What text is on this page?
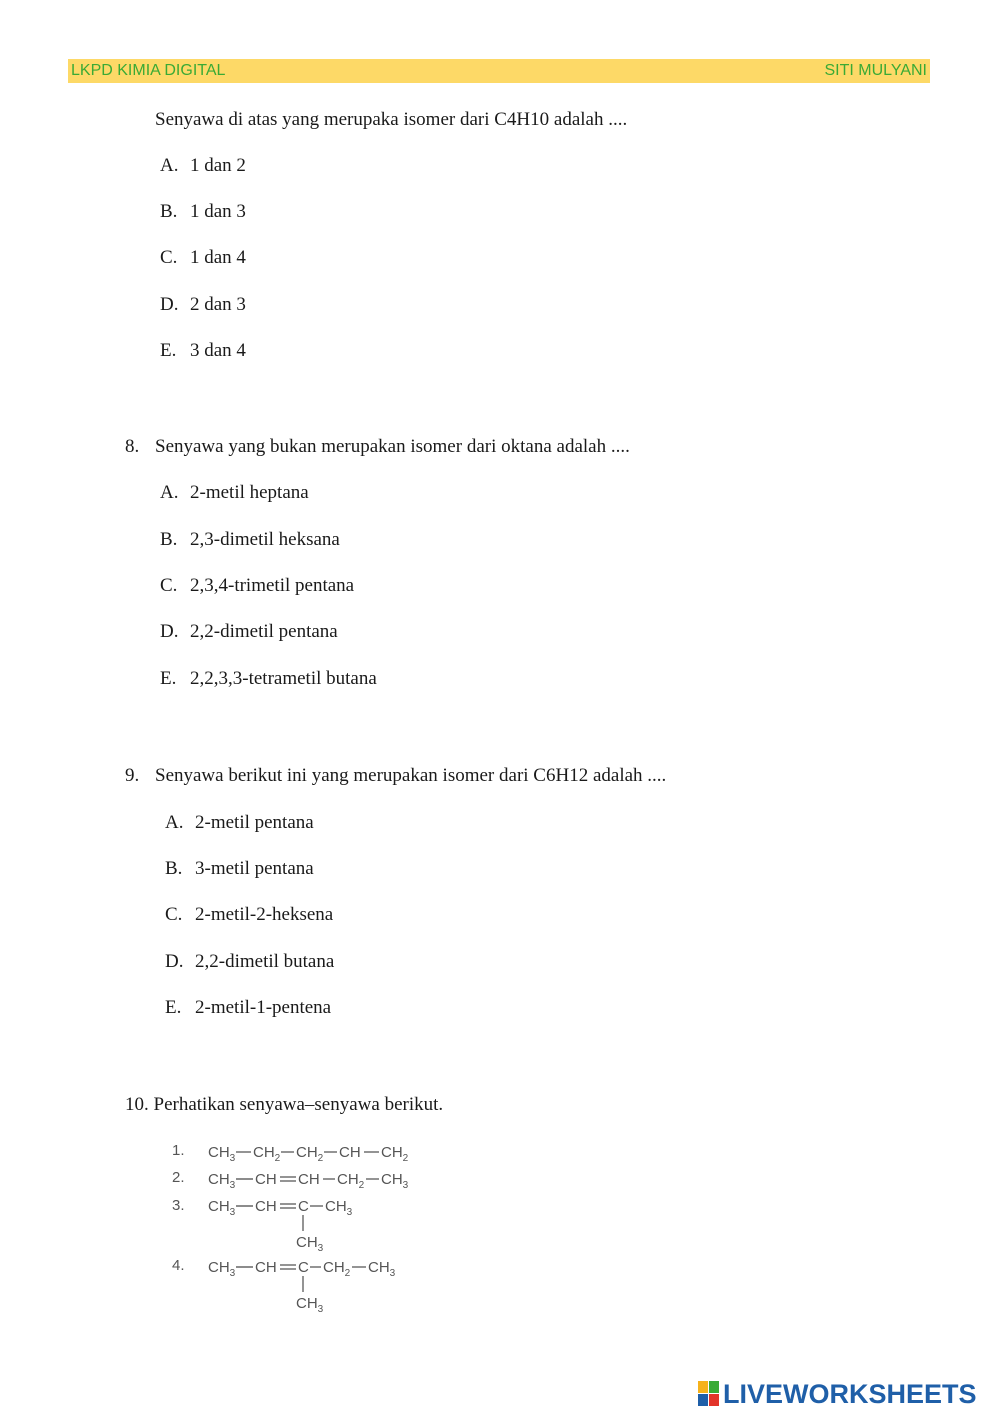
LKPD KIMIA DIGITAL	SITI MULYANI
Senyawa di atas yang merupaka isomer dari C4H10 adalah ....
A. 1 dan 2
B. 1 dan 3
C. 1 dan 4
D. 2 dan 3
E. 3 dan 4
8. Senyawa yang bukan merupakan isomer dari oktana adalah ....
A. 2-metil heptana
B. 2,3-dimetil heksana
C. 2,3,4-trimetil pentana
D. 2,2-dimetil pentana
E. 2,2,3,3-tetrametil butana
9. Senyawa berikut ini yang merupakan isomer dari C6H12 adalah ....
A. 2-metil pentana
B. 3-metil pentana
C. 2-metil-2-heksena
D. 2,2-dimetil butana
E. 2-metil-1-pentena
10. Perhatikan senyawa–senyawa berikut.
1. $CH_3$ $CH_2$ $CH_2$ CH $CH_2$
2. $CH_3$ CH CH $CH_2$ $CH_3$
3. $CH_3$ CH C $CH_3$
$CH_3$
4. $CH_3$ CH C $CH_2$ $CH_3$
$CH_3$
LIVEWORKSHEETS
